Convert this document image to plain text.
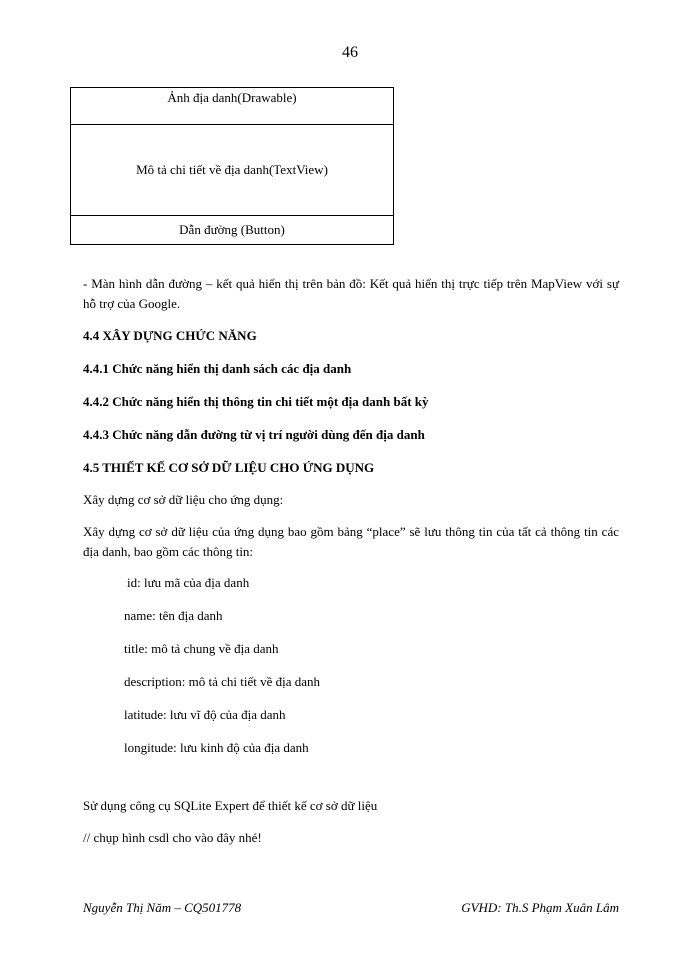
46
Ảnh địa danh(Drawable)
Mô tả chi tiết về địa danh(TextView)
Dẫn đường (Button)

- Màn hình dẫn đường – kết quả hiển thị trên bản đồ: Kết quả hiển thị trực tiếp trên MapView với sự hỗ trợ của Google.

4.4 XÂY DỰNG CHỨC NĂNG

4.4.1 Chức năng hiển thị danh sách các địa danh

4.4.2 Chức năng hiển thị thông tin chi tiết một địa danh bất kỳ

4.4.3 Chức năng dẫn đường từ vị trí người dùng đến địa danh

4.5 THIẾT KẾ CƠ SỞ DỮ LIỆU CHO ỨNG DỤNG

Xây dựng cơ sở dữ liệu cho ứng dụng:

Xây dựng cơ sở dữ liệu của ứng dụng bao gồm bảng “place” sẽ lưu thông tin của tất cả thông tin các địa danh, bao gồm các thông tin:

id: lưu mã của địa danh
name: tên địa danh
title: mô tả chung về địa danh
description: mô tả chi tiết về địa danh
latitude: lưu vĩ độ của địa danh
longitude: lưu kinh độ của địa danh

Sử dụng công cụ SQLite Expert để thiết kế cơ sở dữ liệu

// chụp hình csdl cho vào đây nhé!

Nguyễn Thị Năm – CQ501778	GVHD: Th.S Phạm Xuân Lâm
